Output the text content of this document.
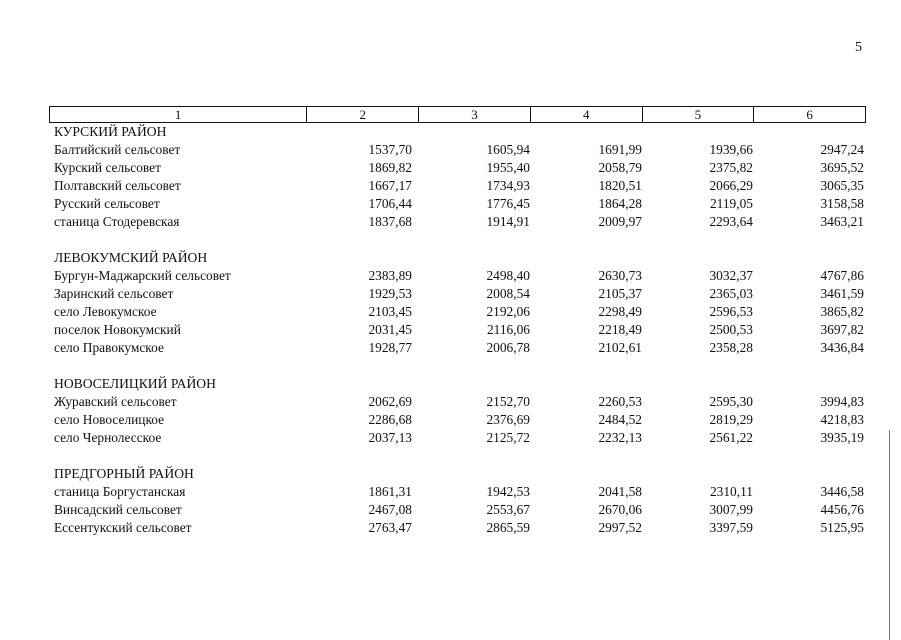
5
1	2	3	4	5	6
КУРСКИЙ РАЙОН
Балтийский сельсовет	1537,70	1605,94	1691,99	1939,66	2947,24
Курский сельсовет	1869,82	1955,40	2058,79	2375,82	3695,52
Полтавский сельсовет	1667,17	1734,93	1820,51	2066,29	3065,35
Русский сельсовет	1706,44	1776,45	1864,28	2119,05	3158,58
станица Стодеревская	1837,68	1914,91	2009,97	2293,64	3463,21
ЛЕВОКУМСКИЙ РАЙОН
Бургун-Маджарский сельсовет	2383,89	2498,40	2630,73	3032,37	4767,86
Заринский сельсовет	1929,53	2008,54	2105,37	2365,03	3461,59
село Левокумское	2103,45	2192,06	2298,49	2596,53	3865,82
поселок Новокумский	2031,45	2116,06	2218,49	2500,53	3697,82
село Правокумское	1928,77	2006,78	2102,61	2358,28	3436,84
НОВОСЕЛИЦКИЙ РАЙОН
Журавский сельсовет	2062,69	2152,70	2260,53	2595,30	3994,83
село Новоселицкое	2286,68	2376,69	2484,52	2819,29	4218,83
село Чернолесское	2037,13	2125,72	2232,13	2561,22	3935,19
ПРЕДГОРНЫЙ РАЙОН
станица Боргустанская	1861,31	1942,53	2041,58	2310,11	3446,58
Винсадский сельсовет	2467,08	2553,67	2670,06	3007,99	4456,76
Ессентукский сельсовет	2763,47	2865,59	2997,52	3397,59	5125,95
